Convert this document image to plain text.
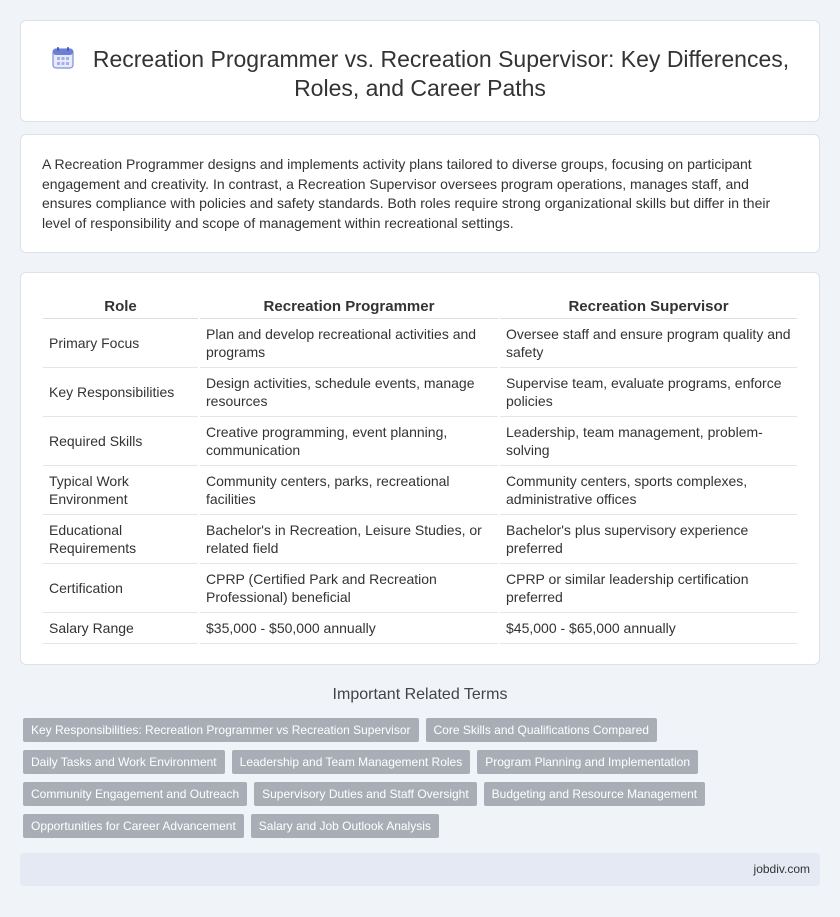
Recreation Programmer vs. Recreation Supervisor: Key Differences, Roles, and Career Paths

A Recreation Programmer designs and implements activity plans tailored to diverse groups, focusing on participant engagement and creativity. In contrast, a Recreation Supervisor oversees program operations, manages staff, and ensures compliance with policies and safety standards. Both roles require strong organizational skills but differ in their level of responsibility and scope of management within recreational settings.

Role	Recreation Programmer	Recreation Supervisor
Primary Focus	Plan and develop recreational activities and programs	Oversee staff and ensure program quality and safety
Key Responsibilities	Design activities, schedule events, manage resources	Supervise team, evaluate programs, enforce policies
Required Skills	Creative programming, event planning, communication	Leadership, team management, problem-solving
Typical Work Environment	Community centers, parks, recreational facilities	Community centers, sports complexes, administrative offices
Educational Requirements	Bachelor's in Recreation, Leisure Studies, or related field	Bachelor's plus supervisory experience preferred
Certification	CPRP (Certified Park and Recreation Professional) beneficial	CPRP or similar leadership certification preferred
Salary Range	$35,000 - $50,000 annually	$45,000 - $65,000 annually
Important Related Terms
Key Responsibilities: Recreation Programmer vs Recreation Supervisor	Core Skills and Qualifications Compared
Daily Tasks and Work Environment	Leadership and Team Management Roles	Program Planning and Implementation
Community Engagement and Outreach	Supervisory Duties and Staff Oversight	Budgeting and Resource Management
Opportunities for Career Advancement	Salary and Job Outlook Analysis
jobdiv.com
